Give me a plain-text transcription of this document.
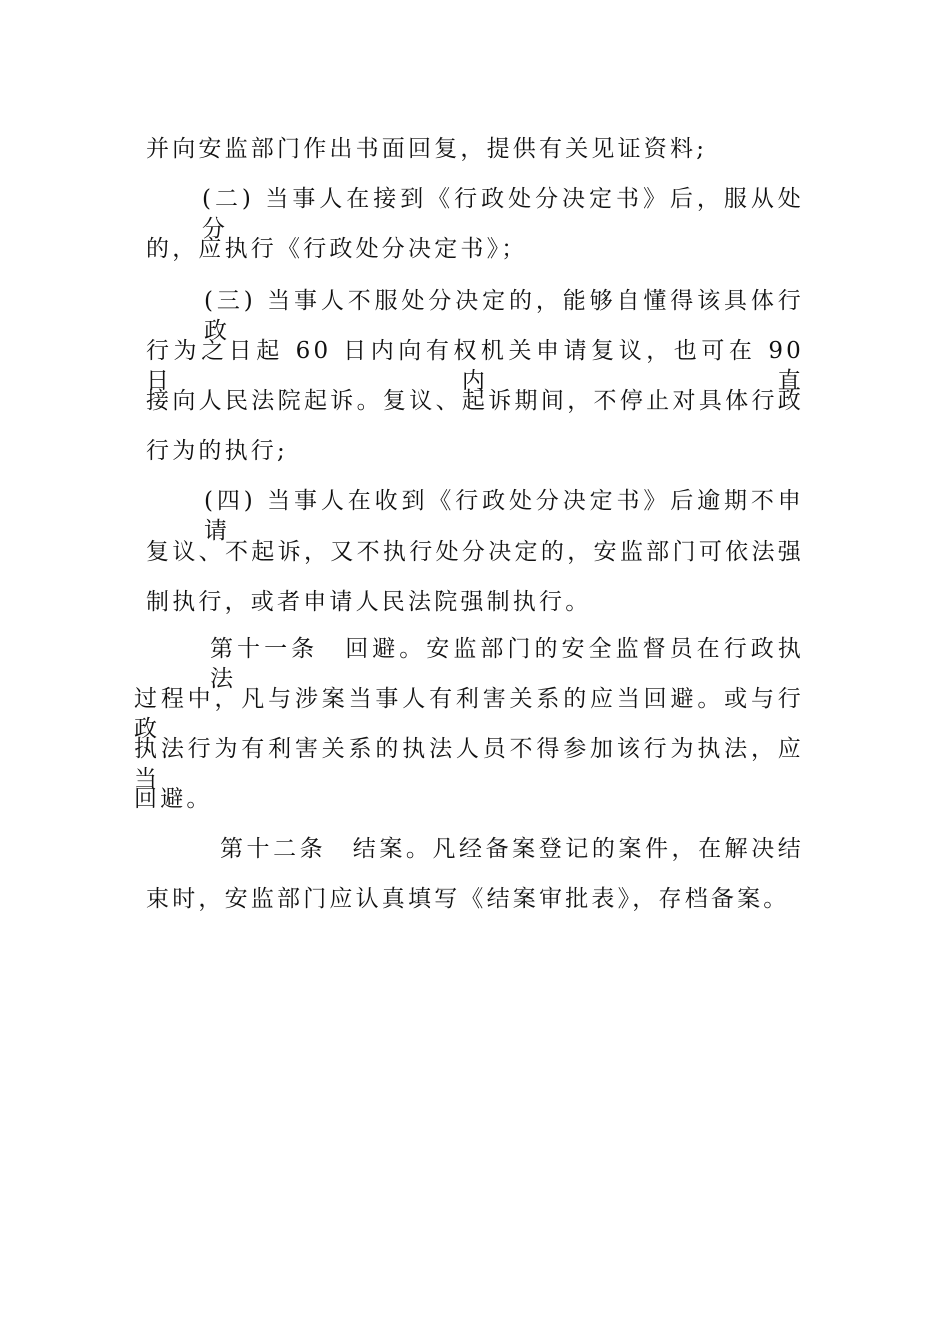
并向安监部门作出书面回复，提供有关见证资料;
(二) 当事人在接到《行政处分决定书》后，服从处分
的，应执行《行政处分决定书》；
(三) 当事人不服处分决定的，能够自懂得该具体行政
行为之日起 60 日内向有权机关申请复议，也可在 90 日内直
接向人民法院起诉。复议、起诉期间，不停止对具体行政
行为的执行;
(四) 当事人在收到《行政处分决定书》后逾期不申请
复议、不起诉，又不执行处分决定的，安监部门可依法强
制执行，或者申请人民法院强制执行。
第十一条　回避。安监部门的安全监督员在行政执法
过程中，凡与涉案当事人有利害关系的应当回避。或与行政
执法行为有利害关系的执法人员不得参加该行为执法，应当
回避。
第十二条　结案。凡经备案登记的案件，在解决结
束时，安监部门应认真填写《结案审批表》，存档备案。
